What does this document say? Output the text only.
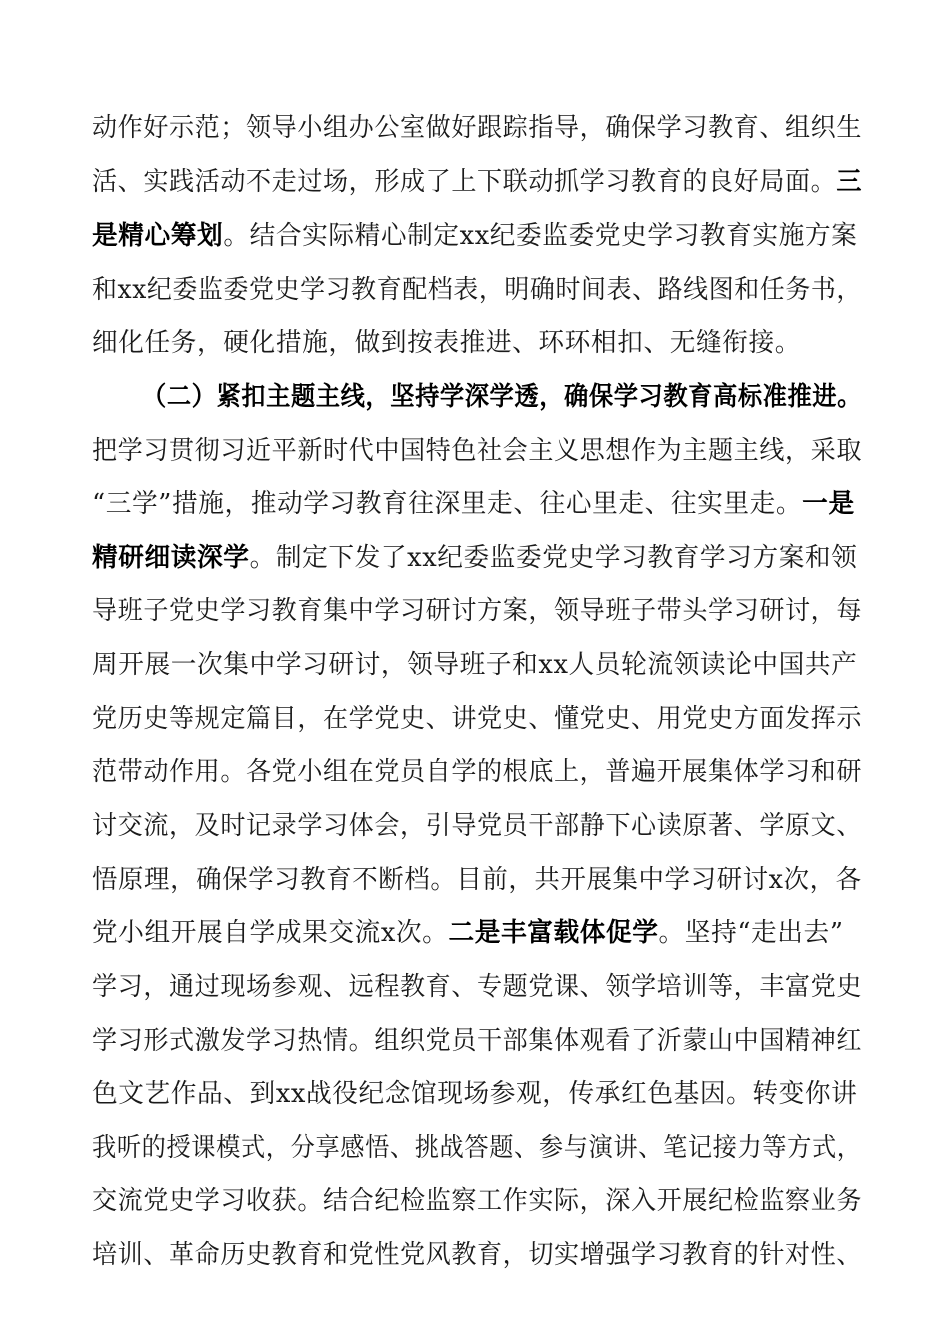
动作好示范；领导小组办公室做好跟踪指导，确保学习教育、组织生
活、实践活动不走过场，形成了上下联动抓学习教育的良好局面。三
是精心筹划。结合实际精心制定xx纪委监委党史学习教育实施方案
和xx纪委监委党史学习教育配档表，明确时间表、路线图和任务书，
细化任务，硬化措施，做到按表推进、环环相扣、无缝衔接。
（二）紧扣主题主线，坚持学深学透，确保学习教育高标准推进。
把学习贯彻习近平新时代中国特色社会主义思想作为主题主线，采取
“三学”措施，推动学习教育往深里走、往心里走、往实里走。一是
精研细读深学。制定下发了xx纪委监委党史学习教育学习方案和领
导班子党史学习教育集中学习研讨方案，领导班子带头学习研讨，每
周开展一次集中学习研讨，领导班子和xx人员轮流领读论中国共产
党历史等规定篇目，在学党史、讲党史、懂党史、用党史方面发挥示
范带动作用。各党小组在党员自学的根底上，普遍开展集体学习和研
讨交流，及时记录学习体会，引导党员干部静下心读原著、学原文、
悟原理，确保学习教育不断档。目前，共开展集中学习研讨x次，各
党小组开展自学成果交流x次。二是丰富载体促学。坚持“走出去”
学习，通过现场参观、远程教育、专题党课、领学培训等，丰富党史
学习形式激发学习热情。组织党员干部集体观看了沂蒙山中国精神红
色文艺作品、到xx战役纪念馆现场参观，传承红色基因。转变你讲
我听的授课模式，分享感悟、挑战答题、参与演讲、笔记接力等方式，
交流党史学习收获。结合纪检监察工作实际，深入开展纪检监察业务
培训、革命历史教育和党性党风教育，切实增强学习教育的针对性、
